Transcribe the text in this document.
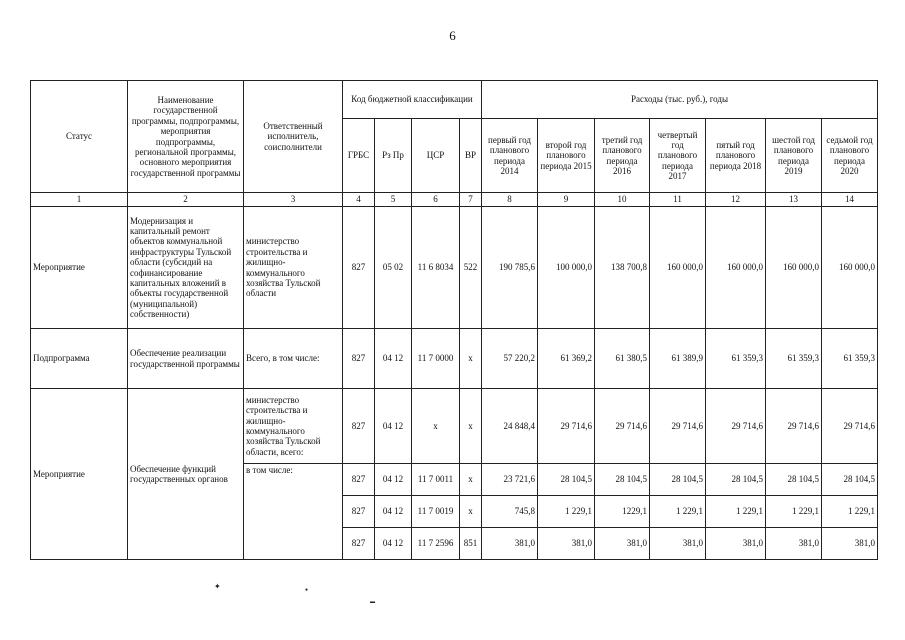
6
Статус	Наименование государственной программы, подпрограммы, мероприятия подпрограммы, региональной программы, основного мероприятия государственной программы	Ответственный исполнитель, соисполнители	Код бюджетной классификации				Расходы (тыс. руб.), годы						
			ГРБС	Рз Пр	ЦСР	ВР	первый год планового периода 2014	второй год планового периода 2015	третий год планового периода 2016	четвертый год планового периода 2017	пятый год планового периода 2018	шестой год планового периода 2019	седьмой год планового периода 2020
1	2	3	4	5	6	7	8	9	10	11	12	13	14
Мероприятие	Модернизация и капитальный ремонт объектов коммунальной инфраструктуры Тульской области (субсидий на софинансирование капитальных вложений в объекты государственной (муниципальной) собственности)	министерство строительства и жилищно-коммунального хозяйства Тульской области	827	05 02	11 6 8034	522	190 785,6	100 000,0	138 700,8	160 000,0	160 000,0	160 000,0	160 000,0
Подпрограмма	Обеспечение реализации государственной программы	Всего, в том числе:	827	04 12	11 7 0000	х	57 220,2	61 369,2	61 380,5	61 389,9	61 359,3	61 359,3	61 359,3
Мероприятие	Обеспечение функций государственных органов	министерство строительства и жилищно-коммунального хозяйства Тульской области, всего:	827	04 12	х	х	24 848,4	29 714,6	29 714,6	29 714,6	29 714,6	29 714,6	29 714,6
		в том числе:	827	04 12	11 7 0011	х	23 721,6	28 104,5	28 104,5	28 104,5	28 104,5	28 104,5	28 104,5
			827	04 12	11 7 0019	х	745,8	1 229,1	1229,1	1 229,1	1 229,1	1 229,1	1 229,1
			827	04 12	11 7 2596	851	381,0	381,0	381,0	381,0	381,0	381,0	381,0
✦	●
▬
